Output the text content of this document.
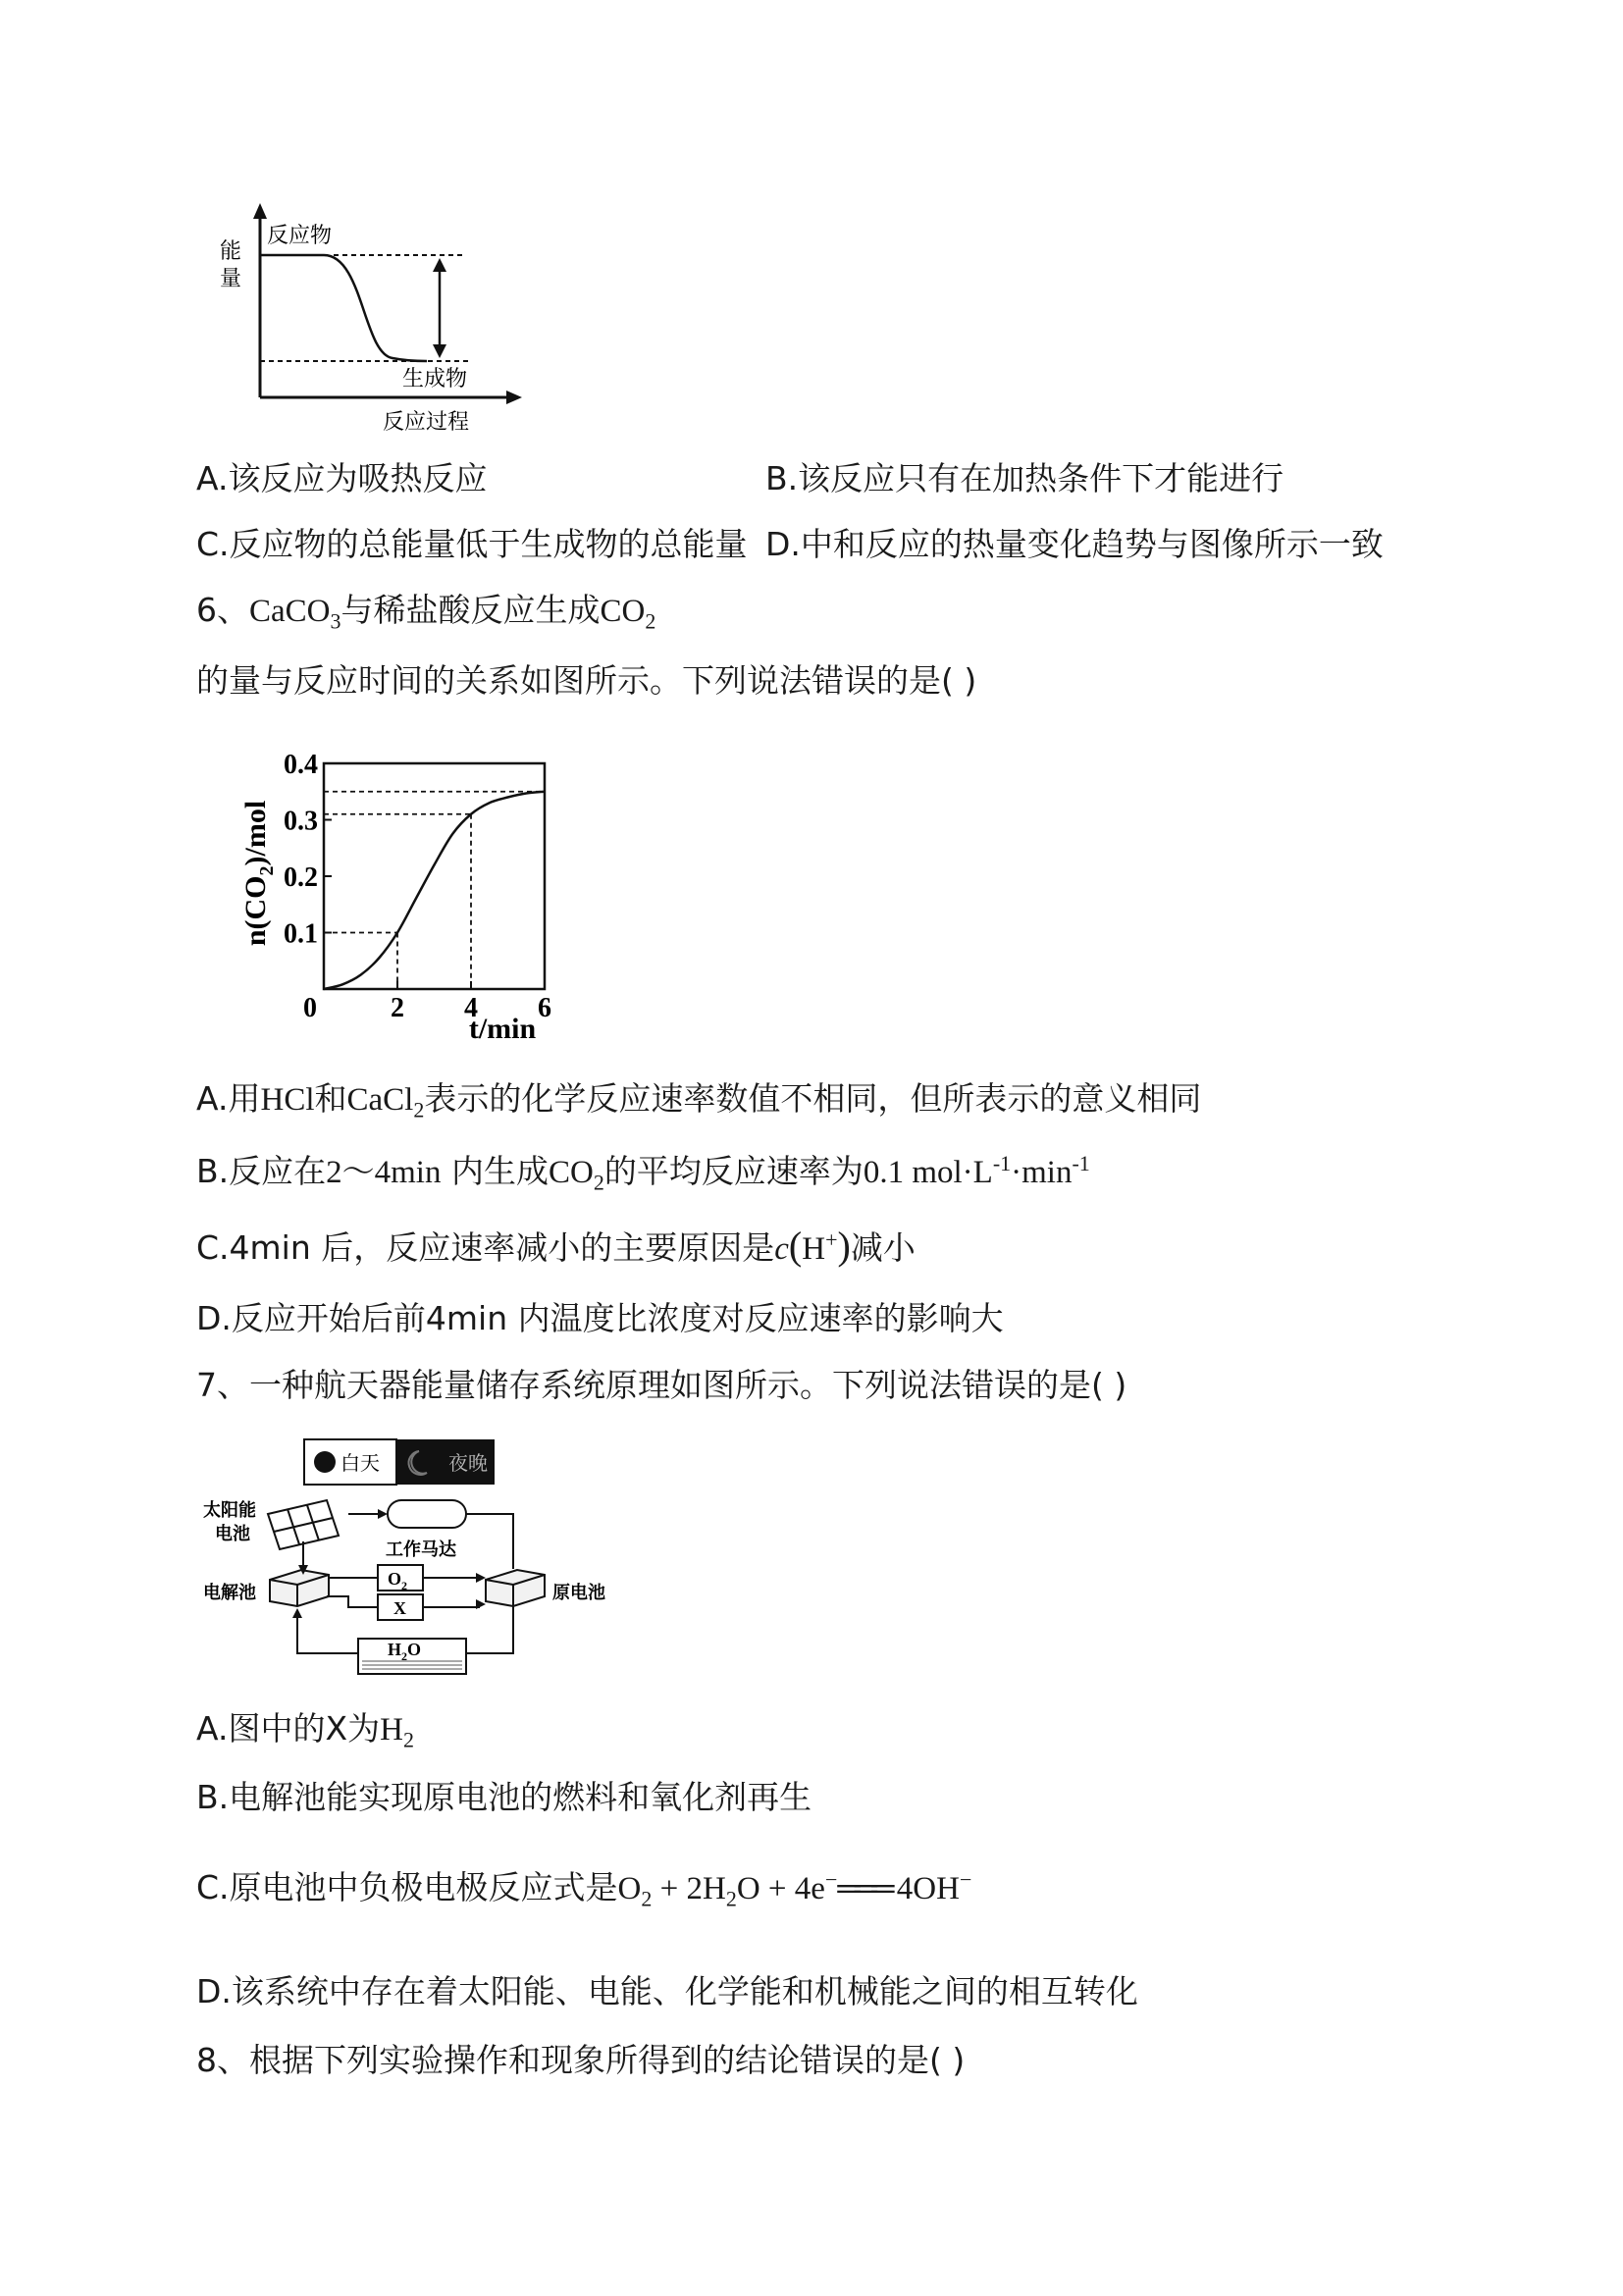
能
量
反应物
生成物
反应过程
A.该反应为吸热反应	B.该反应只有在加热条件下才能进行
C.反应物的总能量低于生成物的总能量 D.中和反应的热量变化趋势与图像所示一致
6、CaCO$_3$与稀盐酸反应生成$CO_2$
的量与反应时间的关系如图所示。下列说法错误的是( )
0.1
0.2
0.3
0.4
0	2 4 6
$n(CO_2)$/mol
t/min
A.用HCl和CaCl$_2$表示的化学反应速率数值不相同，但所表示的意义相同
B.反应在2～4min 内生成$CO_2$的平均反应速率为0.1 $mol\cdot L^{-1}\cdot\min^{-1}$
C.4min 后，反应速率减小的主要原因是c(H+)减小
D.反应开始后前4min 内温度比浓度对反应速率的影响大
7、一种航天器能量储存系统原理如图所示。下列说法错误的是( )
白天	夜晚
太阳能
电池
工作马达
电解池	原电池
$O_2$
X
$H_2O$
A.图中的X为$H_2$
B.电解池能实现原电池的燃料和氧化剂再生
C.原电池中负极电极反应式是$O_2 + 2H_2O$ + 4e−═══ 4OH−
D.该系统中存在着太阳能、电能、化学能和机械能之间的相互转化
8、根据下列实验操作和现象所得到的结论错误的是( )
